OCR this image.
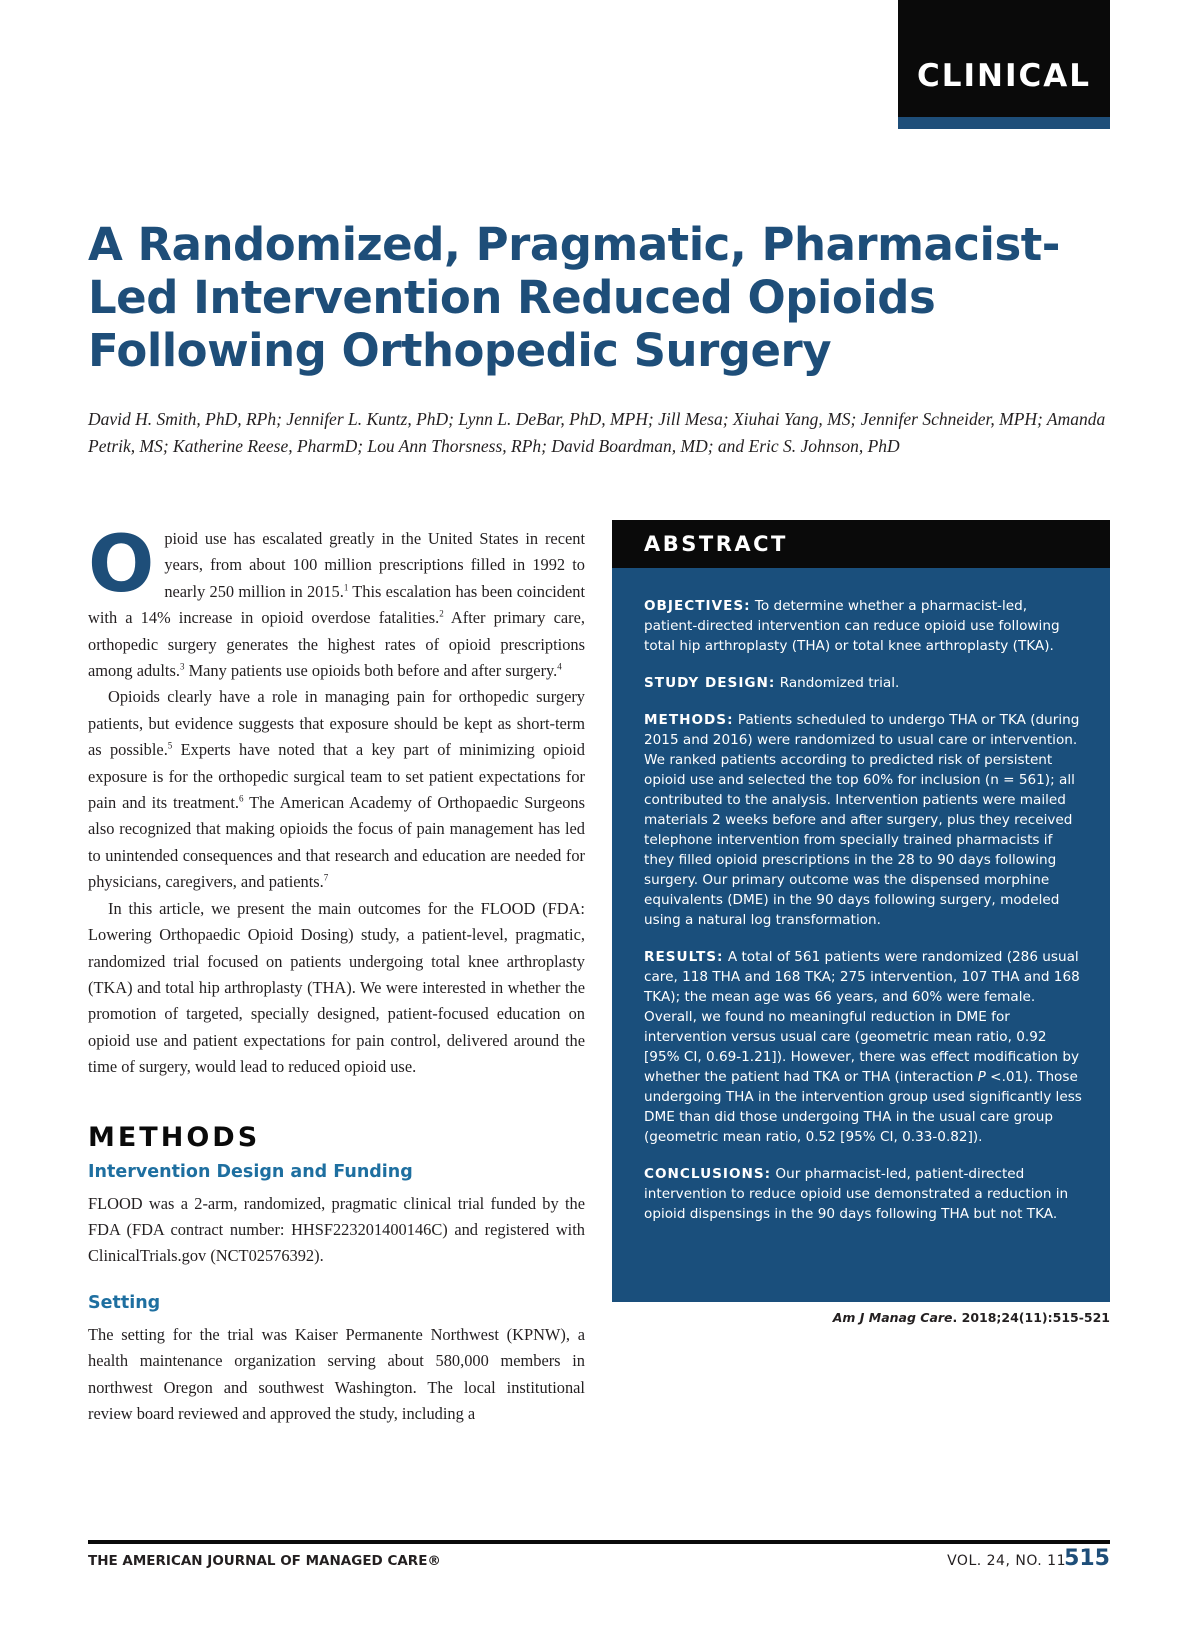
CLINICAL
A Randomized, Pragmatic, Pharmacist-Led Intervention Reduced Opioids Following Orthopedic Surgery
David H. Smith, PhD, RPh; Jennifer L. Kuntz, PhD; Lynn L. DeBar, PhD, MPH; Jill Mesa; Xiuhai Yang, MS; Jennifer Schneider, MPH; Amanda Petrik, MS; Katherine Reese, PharmD; Lou Ann Thorsness, RPh; David Boardman, MD; and Eric S. Johnson, PhD

Opioid use has escalated greatly in the United States in recent years, from about 100 million prescriptions filled in 1992 to nearly 250 million in 2015.$^1$ This escalation has been coincident with a 14% increase in opioid overdose fatalities.$^2$ After primary care, orthopedic surgery generates the highest rates of opioid prescriptions among adults.$^3$ Many patients use opioids both before and after surgery.$^4$

Opioids clearly have a role in managing pain for orthopedic surgery patients, but evidence suggests that exposure should be kept as short-term as possible.$^5$ Experts have noted that a key part of minimizing opioid exposure is for the orthopedic surgical team to set patient expectations for pain and its treatment.$^6$ The American Academy of Orthopaedic Surgeons also recognized that making opioids the focus of pain management has led to unintended consequences and that research and education are needed for physicians, caregivers, and patients.$^7$

In this article, we present the main outcomes for the FLOOD (FDA: Lowering Orthopaedic Opioid Dosing) study, a patient-level, pragmatic, randomized trial focused on patients undergoing total knee arthroplasty (TKA) and total hip arthroplasty (THA). We were interested in whether the promotion of targeted, specially designed, patient-focused education on opioid use and patient expectations for pain control, delivered around the time of surgery, would lead to reduced opioid use.

METHODS
Intervention Design and Funding

FLOOD was a 2-arm, randomized, pragmatic clinical trial funded by the FDA (FDA contract number: HHSF223201400146C) and registered with ClinicalTrials.gov (NCT02576392).

Setting

The setting for the trial was Kaiser Permanente Northwest (KPNW), a health maintenance organization serving about 580,000 members in northwest Oregon and southwest Washington. The local institutional review board reviewed and approved the study, including a

ABSTRACT

OBJECTIVES: To determine whether a pharmacist-led, patient-directed intervention can reduce opioid use following total hip arthroplasty (THA) or total knee arthroplasty (TKA).

STUDY DESIGN: Randomized trial.

METHODS: Patients scheduled to undergo THA or TKA (during 2015 and 2016) were randomized to usual care or intervention. We ranked patients according to predicted risk of persistent opioid use and selected the top 60% for inclusion (n = 561); all contributed to the analysis. Intervention patients were mailed materials 2 weeks before and after surgery, plus they received telephone intervention from specially trained pharmacists if they filled opioid prescriptions in the 28 to 90 days following surgery. Our primary outcome was the dispensed morphine equivalents (DME) in the 90 days following surgery, modeled using a natural log transformation.

RESULTS: A total of 561 patients were randomized (286 usual care, 118 THA and 168 TKA; 275 intervention, 107 THA and 168 TKA); the mean age was 66 years, and 60% were female. Overall, we found no meaningful reduction in DME for intervention versus usual care (geometric mean ratio, 0.92 [95% CI, 0.69-1.21]). However, there was effect modification by whether the patient had TKA or THA (interaction P <.01). Those undergoing THA in the intervention group used significantly less DME than did those undergoing THA in the usual care group (geometric mean ratio, 0.52 [95% CI, 0.33-0.82]).

CONCLUSIONS: Our pharmacist-led, patient-directed intervention to reduce opioid use demonstrated a reduction in opioid dispensings in the 90 days following THA but not TKA.

Am J Manag Care. 2018;24(11):515-521
THE AMERICAN JOURNAL OF MANAGED CARE®	VOL. 24, NO. 11
515
